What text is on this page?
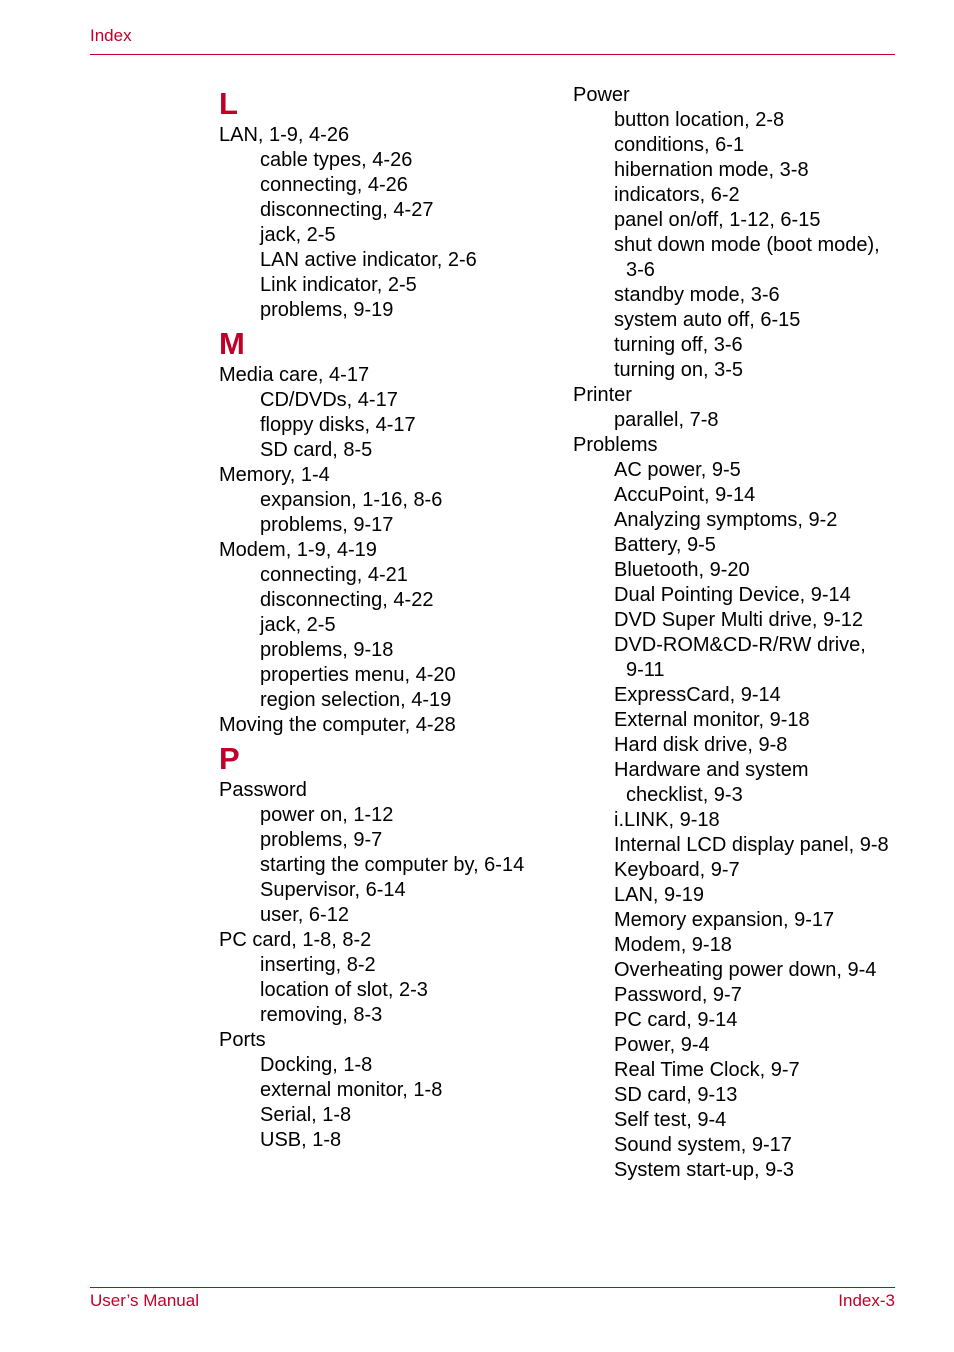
Index
L
LAN, 1-9, 4-26
cable types, 4-26
connecting, 4-26
disconnecting, 4-27
jack, 2-5
LAN active indicator, 2-6
Link indicator, 2-5
problems, 9-19
M
Media care, 4-17
CD/DVDs, 4-17
floppy disks, 4-17
SD card, 8-5
Memory, 1-4
expansion, 1-16, 8-6
problems, 9-17
Modem, 1-9, 4-19
connecting, 4-21
disconnecting, 4-22
jack, 2-5
problems, 9-18
properties menu, 4-20
region selection, 4-19
Moving the computer, 4-28
P
Password
power on, 1-12
problems, 9-7
starting the computer by, 6-14
Supervisor, 6-14
user, 6-12
PC card, 1-8, 8-2
inserting, 8-2
location of slot, 2-3
removing, 8-3
Ports
Docking, 1-8
external monitor, 1-8
Serial, 1-8
USB, 1-8
Power
button location, 2-8
conditions, 6-1
hibernation mode, 3-8
indicators, 6-2
panel on/off, 1-12, 6-15
shut down mode (boot mode),
3-6
standby mode, 3-6
system auto off, 6-15
turning off, 3-6
turning on, 3-5
Printer
parallel, 7-8
Problems
AC power, 9-5
AccuPoint, 9-14
Analyzing symptoms, 9-2
Battery, 9-5
Bluetooth, 9-20
Dual Pointing Device, 9-14
DVD Super Multi drive, 9-12
DVD-ROM&CD-R/RW drive,
9-11
ExpressCard, 9-14
External monitor, 9-18
Hard disk drive, 9-8
Hardware and system
checklist, 9-3
i.LINK, 9-18
Internal LCD display panel, 9-8
Keyboard, 9-7
LAN, 9-19
Memory expansion, 9-17
Modem, 9-18
Overheating power down, 9-4
Password, 9-7
PC card, 9-14
Power, 9-4
Real Time Clock, 9-7
SD card, 9-13
Self test, 9-4
Sound system, 9-17
System start-up, 9-3
User’s Manual	Index-3
